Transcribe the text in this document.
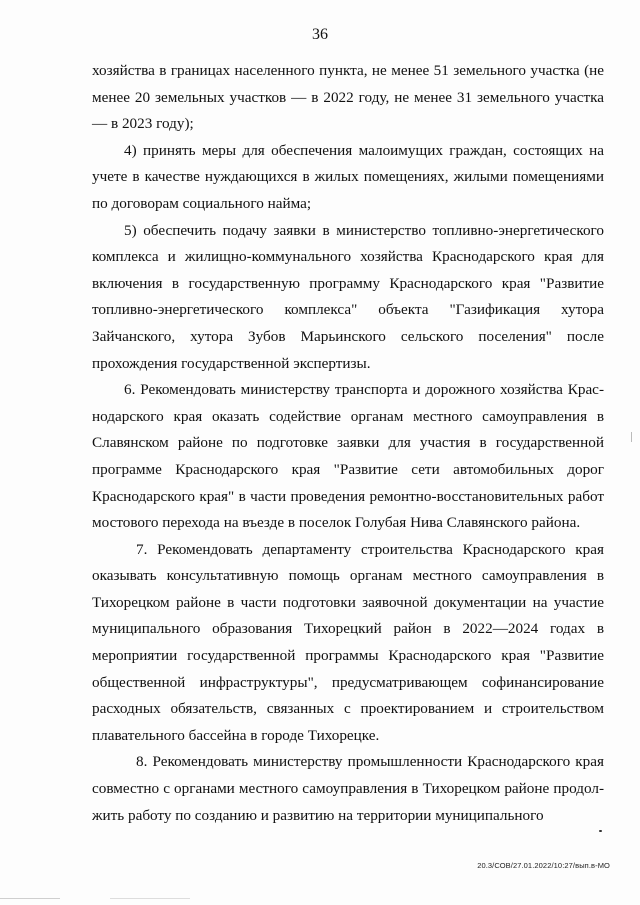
36

хозяйства в границах населенного пункта, не менее 51 земельного участка (не менее 20 земельных участков — в 2022 году, не менее 31 земельного участка — в 2023 году);

4) принять меры для обеспечения малоимущих граждан, состоящих на учете в качестве нуждающихся в жилых помещениях, жилыми помещениями по договорам социального найма;

5) обеспечить подачу заявки в министерство топливно-энергетического комплекса и жилищно-коммунального хозяйства Краснодарского края для включения в государственную программу Краснодарского края "Развитие топливно-энергетического комплекса" объекта "Газификация хутора Зайчанского, хутора Зубов Марьинского сельского поселения" после прохождения государственной экспертизы.

6. Рекомендовать министерству транспорта и дорожного хозяйства Краснодарского края оказать содействие органам местного самоуправления в Славянском районе по подготовке заявки для участия в государственной программе Краснодарского края "Развитие сети автомобильных дорог Краснодарского края" в части проведения ремонтно-восстановительных работ мостового перехода на въезде в поселок Голубая Нива Славянского района.

7. Рекомендовать департаменту строительства Краснодарского края оказывать консультативную помощь органам местного самоуправления в Тихорецком районе в части подготовки заявочной документации на участие муниципального образования Тихорецкий район в 2022—2024 годах в мероприятии государственной программы Краснодарского края "Развитие общественной инфраструктуры", предусматривающем софинансирование расходных обязательств, связанных с проектированием и строительством плавательного бассейна в городе Тихорецке.

8. Рекомендовать министерству промышленности Краснодарского края совместно с органами местного самоуправления в Тихорецком районе продолжить работу по созданию и развитию на территории муниципального

20.3/СОВ/27.01.2022/10:27/вып.в-МО
